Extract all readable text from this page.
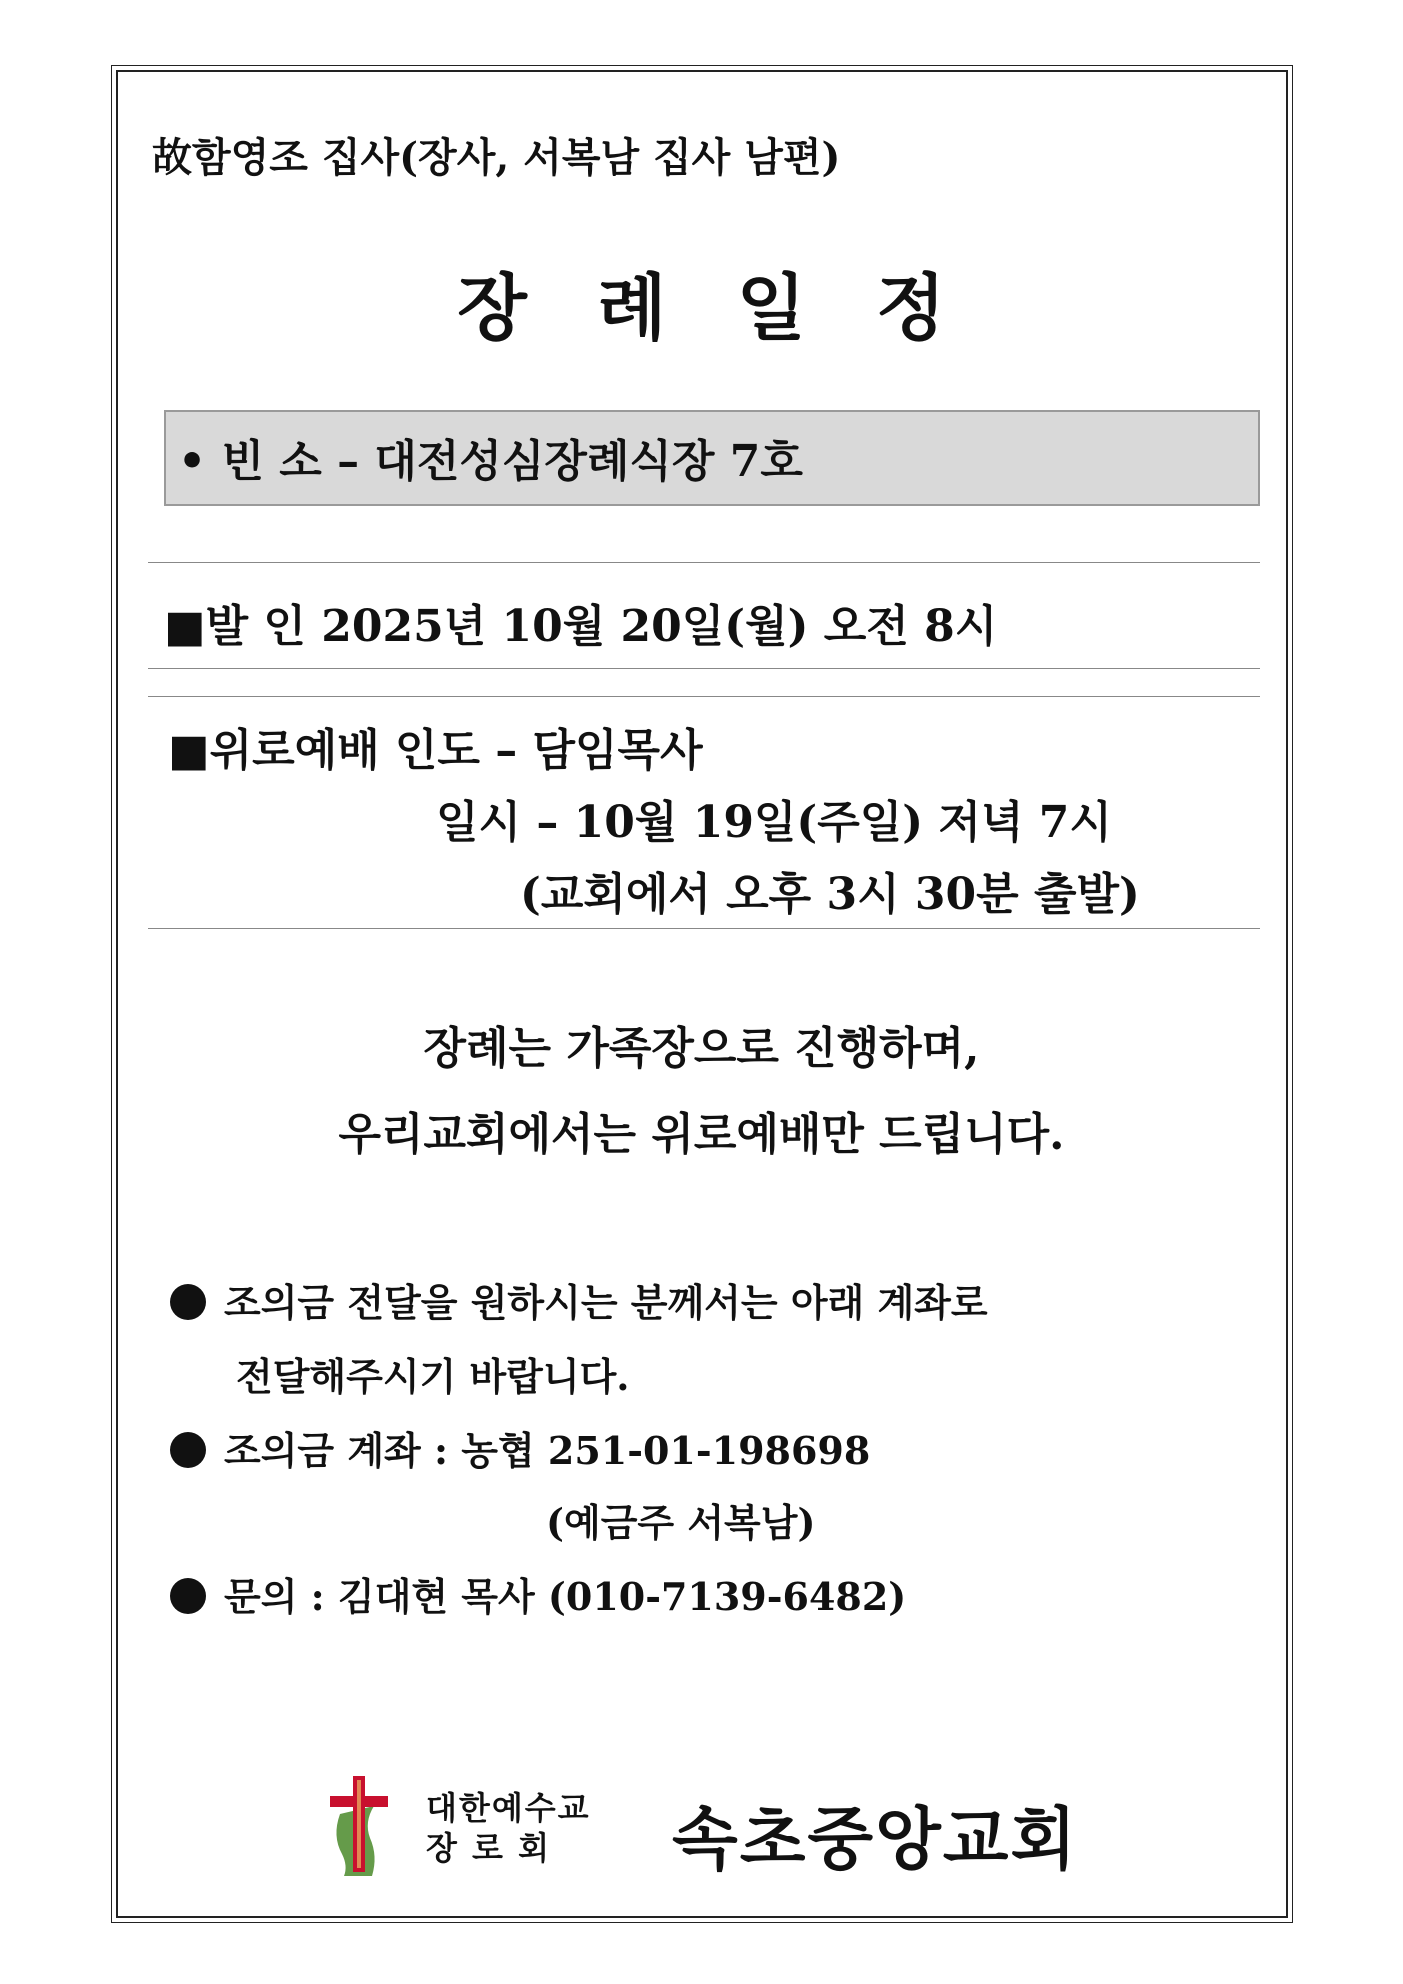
故함영조 집사(장사, 서복남 집사 남편)
장례일정
• 빈 소 – 대전성심장례식장 7호
■발 인 2025년 10월 20일(월) 오전 8시
■위로예배 인도 – 담임목사
일시 – 10월 19일(주일) 저녁 7시
(교회에서 오후 3시 30분 출발)
장례는 가족장으로 진행하며,
우리교회에서는 위로예배만 드립니다.
조의금 전달을 원하시는 분께서는 아래 계좌로
전달해주시기 바랍니다.
조의금 계좌 : 농협 251-01-198698
(예금주 서복남)
문의 : 김대현 목사 (010-7139-6482)
대한예수교
장 로 회	속초중앙교회
